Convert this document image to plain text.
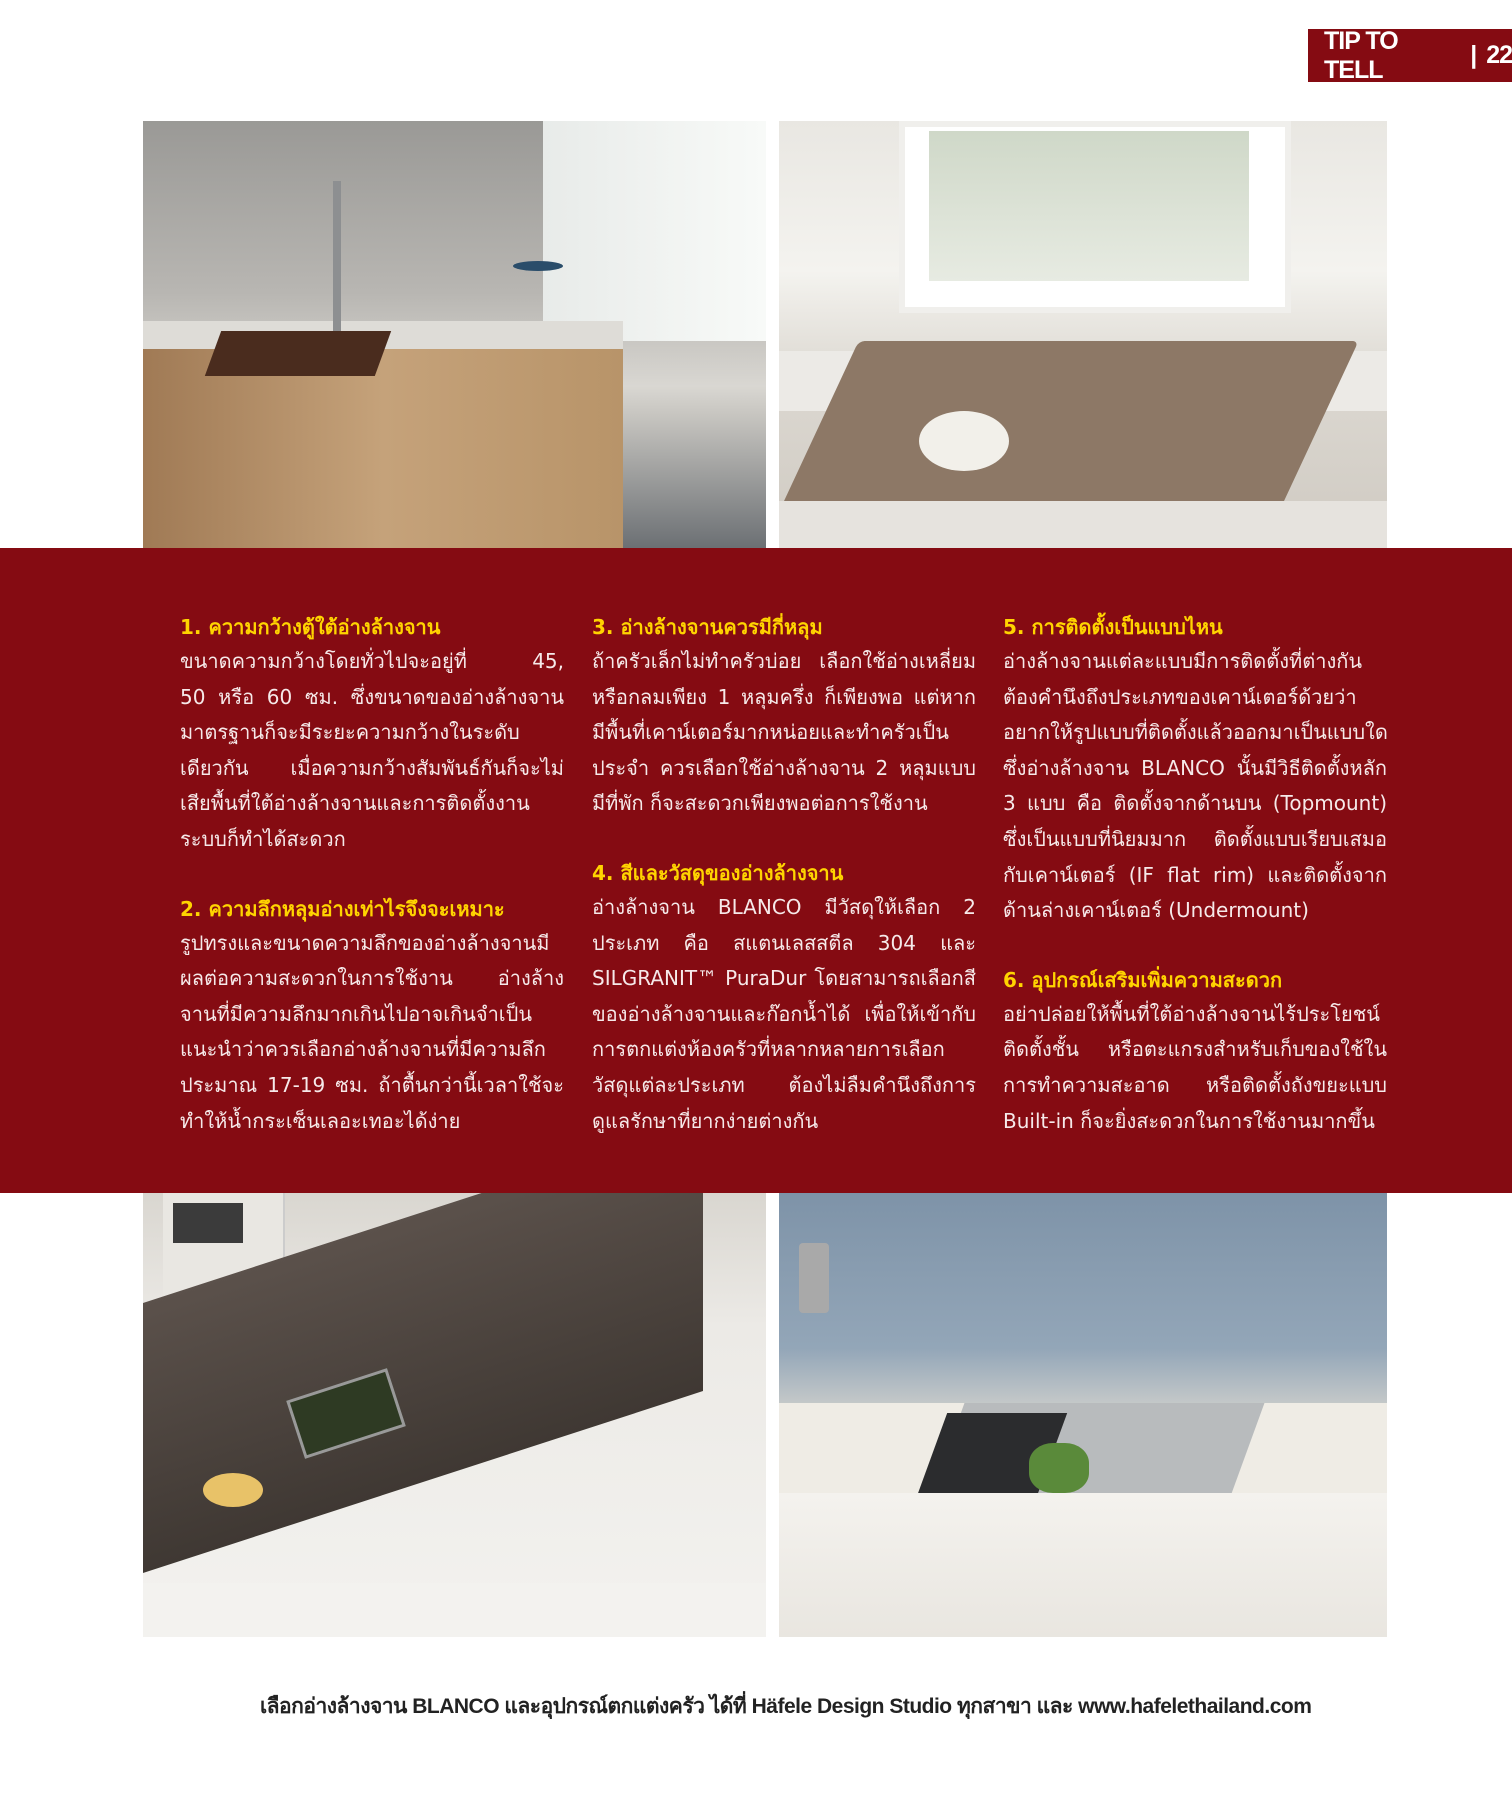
TIP TO TELL
| 22
1. ความกว้างตู้ใต้อ่างล้างจาน
ขนาดความกว้างโดยทั่วไปจะอยู่ที่ 45,
50 หรือ 60 ซม. ซึ่งขนาดของอ่างล้างจาน
มาตรฐานก็จะมีระยะความกว้างในระดับ
เดียวกัน เมื่อความกว้างสัมพันธ์กันก็จะไม่
เสียพื้นที่ใต้อ่างล้างจานและการติดตั้งงาน
ระบบก็ทำได้สะดวก
2. ความลึกหลุมอ่างเท่าไรจึงจะเหมาะ
รูปทรงและขนาดความลึกของอ่างล้างจานมี
ผลต่อความสะดวกในการใช้งาน อ่างล้าง
จานที่มีความลึกมากเกินไปอาจเกินจำเป็น
แนะนำว่าควรเลือกอ่างล้างจานที่มีความลึก
ประมาณ 17-19 ซม. ถ้าตื้นกว่านี้เวลาใช้จะ
ทำให้น้ำกระเซ็นเลอะเทอะได้ง่าย
3. อ่างล้างจานควรมีกี่หลุม
ถ้าครัวเล็กไม่ทำครัวบ่อย เลือกใช้อ่างเหลี่ยม
หรือกลมเพียง 1 หลุมครึ่ง ก็เพียงพอ แต่หาก
มีพื้นที่เคาน์เตอร์มากหน่อยและทำครัวเป็น
ประจำ ควรเลือกใช้อ่างล้างจาน 2 หลุมแบบ
มีที่พัก ก็จะสะดวกเพียงพอต่อการใช้งาน
4. สีและวัสดุของอ่างล้างจาน
อ่างล้างจาน BLANCO มีวัสดุให้เลือก 2
ประเภท คือ สแตนเลสสตีล 304 และ
SILGRANIT™ PuraDur โดยสามารถเลือกสี
ของอ่างล้างจานและก๊อกน้ำได้ เพื่อให้เข้ากับ
การตกแต่งห้องครัวที่หลากหลายการเลือก
วัสดุแต่ละประเภท ต้องไม่ลืมคำนึงถึงการ
ดูแลรักษาที่ยากง่ายต่างกัน
5. การติดตั้งเป็นแบบไหน
อ่างล้างจานแต่ละแบบมีการติดตั้งที่ต่างกัน
ต้องคำนึงถึงประเภทของเคาน์เตอร์ด้วยว่า
อยากให้รูปแบบที่ติดตั้งแล้วออกมาเป็นแบบใด
ซึ่งอ่างล้างจาน BLANCO นั้นมีวิธีติดตั้งหลัก
3 แบบ คือ ติดตั้งจากด้านบน (Topmount)
ซึ่งเป็นแบบที่นิยมมาก ติดตั้งแบบเรียบเสมอ
กับเคาน์เตอร์ (IF flat rim) และติดตั้งจาก
ด้านล่างเคาน์เตอร์ (Undermount)
6. อุปกรณ์เสริมเพิ่มความสะดวก
อย่าปล่อยให้พื้นที่ใต้อ่างล้างจานไร้ประโยชน์
ติดตั้งชั้น หรือตะแกรงสำหรับเก็บของใช้ใน
การทำความสะอาด หรือติดตั้งถังขยะแบบ
Built-in ก็จะยิ่งสะดวกในการใช้งานมากขึ้น
เลือกอ่างล้างจาน BLANCO และอุปกรณ์ตกแต่งครัว ได้ที่ Häfele Design Studio ทุกสาขา และ www.hafelethailand.com
